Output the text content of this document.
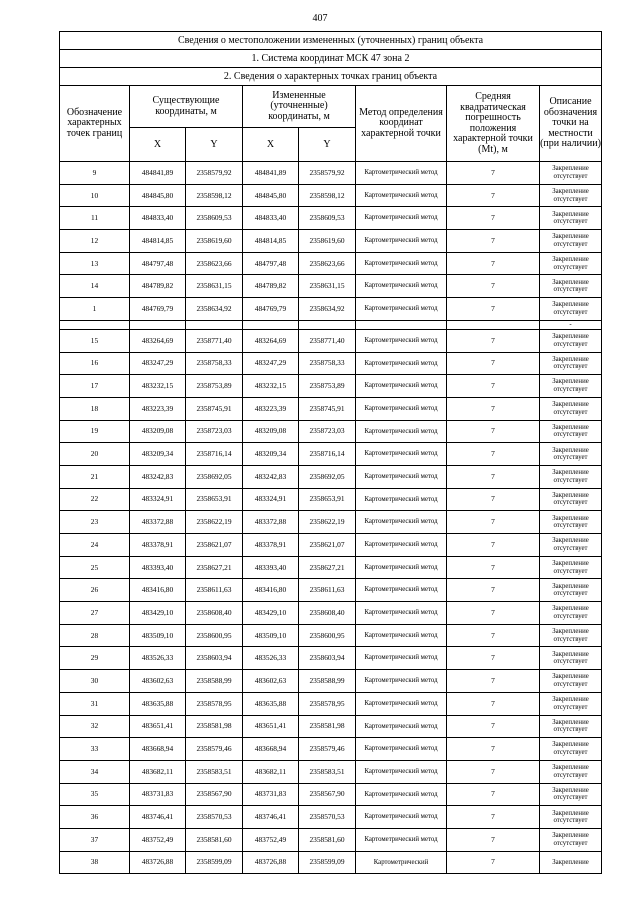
407
Сведения о местоположении измененных (уточненных) границ объекта							
1. Система координат МСК 47 зона 2							
2. Сведения о характерных точках границ объекта							
Обозначение характерных точек границ	Существующие координаты, м		Измененные (уточненные) координаты, м		Метод определения координат характерной точки	Средняя квадратическая погрешность положения характерной точки (Mt), м	Описание обозначения точки на местности (при наличии)
	X	Y	X	Y			
9	484841,89	2358579,92	484841,89	2358579,92	Картометрический метод	7	Закрепление отсутствует
10	484845,80	2358598,12	484845,80	2358598,12	Картометрический метод	7	Закрепление отсутствует
11	484833,40	2358609,53	484833,40	2358609,53	Картометрический метод	7	Закрепление отсутствует
12	484814,85	2358619,60	484814,85	2358619,60	Картометрический метод	7	Закрепление отсутствует
13	484797,48	2358623,66	484797,48	2358623,66	Картометрический метод	7	Закрепление отсутствует
14	484789,82	2358631,15	484789,82	2358631,15	Картометрический метод	7	Закрепление отсутствует
1	484769,79	2358634,92	484769,79	2358634,92	Картометрический метод	7	Закрепление отсутствует
							-
15	483264,69	2358771,40	483264,69	2358771,40	Картометрический метод	7	Закрепление отсутствует
16	483247,29	2358758,33	483247,29	2358758,33	Картометрический метод	7	Закрепление отсутствует
17	483232,15	2358753,89	483232,15	2358753,89	Картометрический метод	7	Закрепление отсутствует
18	483223,39	2358745,91	483223,39	2358745,91	Картометрический метод	7	Закрепление отсутствует
19	483209,08	2358723,03	483209,08	2358723,03	Картометрический метод	7	Закрепление отсутствует
20	483209,34	2358716,14	483209,34	2358716,14	Картометрический метод	7	Закрепление отсутствует
21	483242,83	2358692,05	483242,83	2358692,05	Картометрический метод	7	Закрепление отсутствует
22	483324,91	2358653,91	483324,91	2358653,91	Картометрический метод	7	Закрепление отсутствует
23	483372,88	2358622,19	483372,88	2358622,19	Картометрический метод	7	Закрепление отсутствует
24	483378,91	2358621,07	483378,91	2358621,07	Картометрический метод	7	Закрепление отсутствует
25	483393,40	2358627,21	483393,40	2358627,21	Картометрический метод	7	Закрепление отсутствует
26	483416,80	2358611,63	483416,80	2358611,63	Картометрический метод	7	Закрепление отсутствует
27	483429,10	2358608,40	483429,10	2358608,40	Картометрический метод	7	Закрепление отсутствует
28	483509,10	2358600,95	483509,10	2358600,95	Картометрический метод	7	Закрепление отсутствует
29	483526,33	2358603,94	483526,33	2358603,94	Картометрический метод	7	Закрепление отсутствует
30	483602,63	2358588,99	483602,63	2358588,99	Картометрический метод	7	Закрепление отсутствует
31	483635,88	2358578,95	483635,88	2358578,95	Картометрический метод	7	Закрепление отсутствует
32	483651,41	2358581,98	483651,41	2358581,98	Картометрический метод	7	Закрепление отсутствует
33	483668,94	2358579,46	483668,94	2358579,46	Картометрический метод	7	Закрепление отсутствует
34	483682,11	2358583,51	483682,11	2358583,51	Картометрический метод	7	Закрепление отсутствует
35	483731,83	2358567,90	483731,83	2358567,90	Картометрический метод	7	Закрепление отсутствует
36	483746,41	2358570,53	483746,41	2358570,53	Картометрический метод	7	Закрепление отсутствует
37	483752,49	2358581,60	483752,49	2358581,60	Картометрический метод	7	Закрепление отсутствует
38	483726,88	2358599,09	483726,88	2358599,09	Картометрический	7	Закрепление
